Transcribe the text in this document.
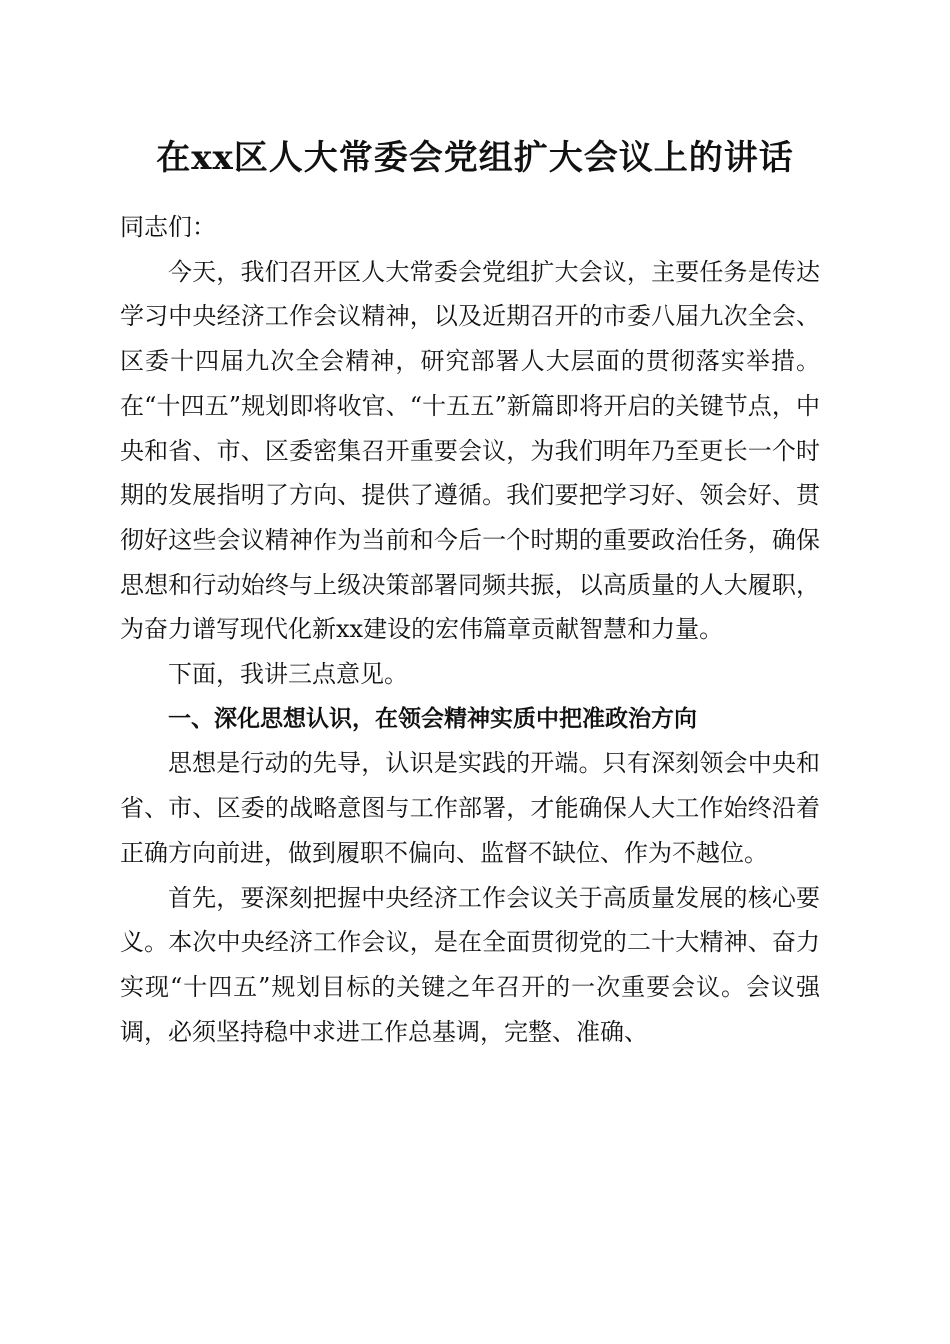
在xx区人大常委会党组扩大会议上的讲话

同志们：

今天，我们召开区人大常委会党组扩大会议，主要任务是传达学习中央经济工作会议精神，以及近期召开的市委八届九次全会、区委十四届九次全会精神，研究部署人大层面的贯彻落实举措。在“十四五”规划即将收官、“十五五”新篇即将开启的关键节点，中央和省、市、区委密集召开重要会议，为我们明年乃至更长一个时期的发展指明了方向、提供了遵循。我们要把学习好、领会好、贯彻好这些会议精神作为当前和今后一个时期的重要政治任务，确保思想和行动始终与上级决策部署同频共振，以高质量的人大履职，为奋力谱写现代化新xx建设的宏伟篇章贡献智慧和力量。

下面，我讲三点意见。

一、深化思想认识，在领会精神实质中把准政治方向

思想是行动的先导，认识是实践的开端。只有深刻领会中央和省、市、区委的战略意图与工作部署，才能确保人大工作始终沿着正确方向前进，做到履职不偏向、监督不缺位、作为不越位。

首先，要深刻把握中央经济工作会议关于高质量发展的核心要义。本次中央经济工作会议，是在全面贯彻党的二十大精神、奋力实现“十四五”规划目标的关键之年召开的一次重要会议。会议强调，必须坚持稳中求进工作总基调，完整、准确、
